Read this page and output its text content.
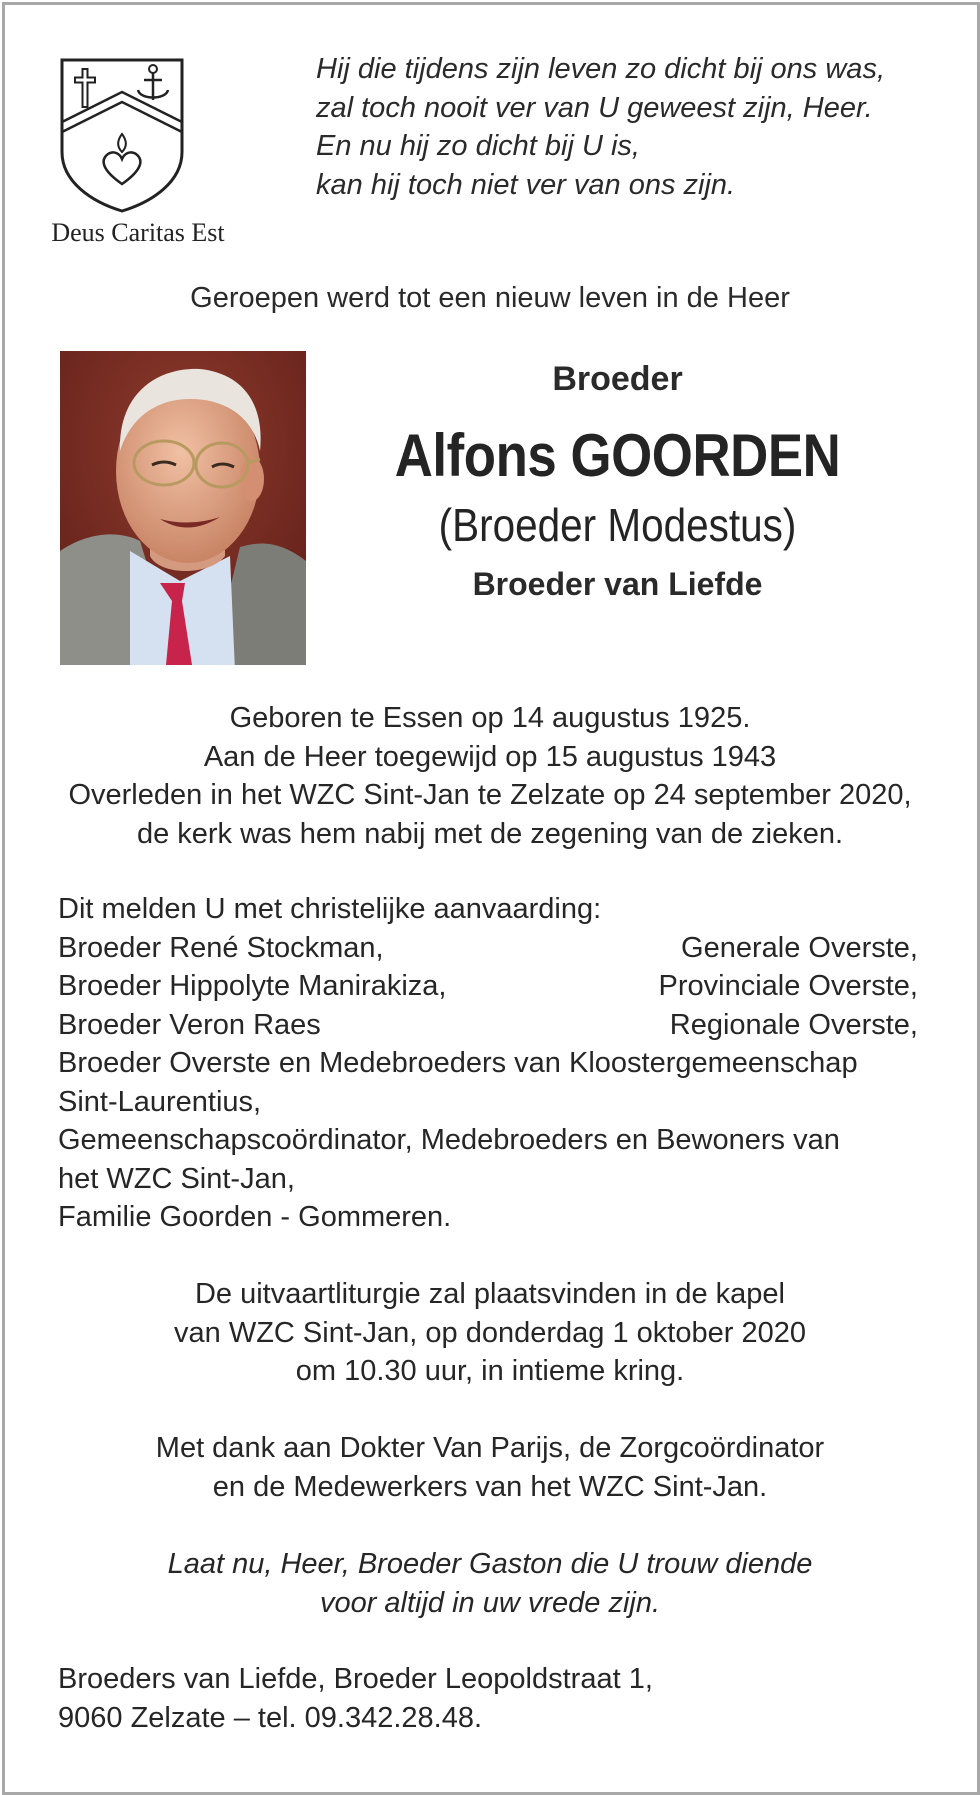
Deus Caritas Est
Hij die tijdens zijn leven zo dicht bij ons was,
zal toch nooit ver van U geweest zijn, Heer.
En nu hij zo dicht bij U is,
kan hij toch niet ver van ons zijn.
Geroepen werd tot een nieuw leven in de Heer
Broeder
Alfons GOORDEN
(Broeder Modestus)
Broeder van Liefde
Geboren te Essen op 14 augustus 1925.
Aan de Heer toegewijd op 15 augustus 1943
Overleden in het WZC Sint-Jan te Zelzate op 24 september 2020,
de kerk was hem nabij met de zegening van de zieken.
Dit melden U met christelijke aanvaarding:
Broeder René Stockman,	Generale Overste,
Broeder Hippolyte Manirakiza,	Provinciale Overste,
Broeder Veron Raes	Regionale Overste,
Broeder Overste en Medebroeders van Kloostergemeenschap
Sint-Laurentius,
Gemeenschapscoördinator, Medebroeders en Bewoners van
het WZC Sint-Jan,
Familie Goorden - Gommeren.
De uitvaartliturgie zal plaatsvinden in de kapel
van WZC Sint-Jan, op donderdag 1 oktober 2020
om 10.30 uur, in intieme kring.
Met dank aan Dokter Van Parijs, de Zorgcoördinator
en de Medewerkers van het WZC Sint-Jan.
Laat nu, Heer, Broeder Gaston die U trouw diende
voor altijd in uw vrede zijn.
Broeders van Liefde, Broeder Leopoldstraat 1,
9060 Zelzate – tel. 09.342.28.48.
